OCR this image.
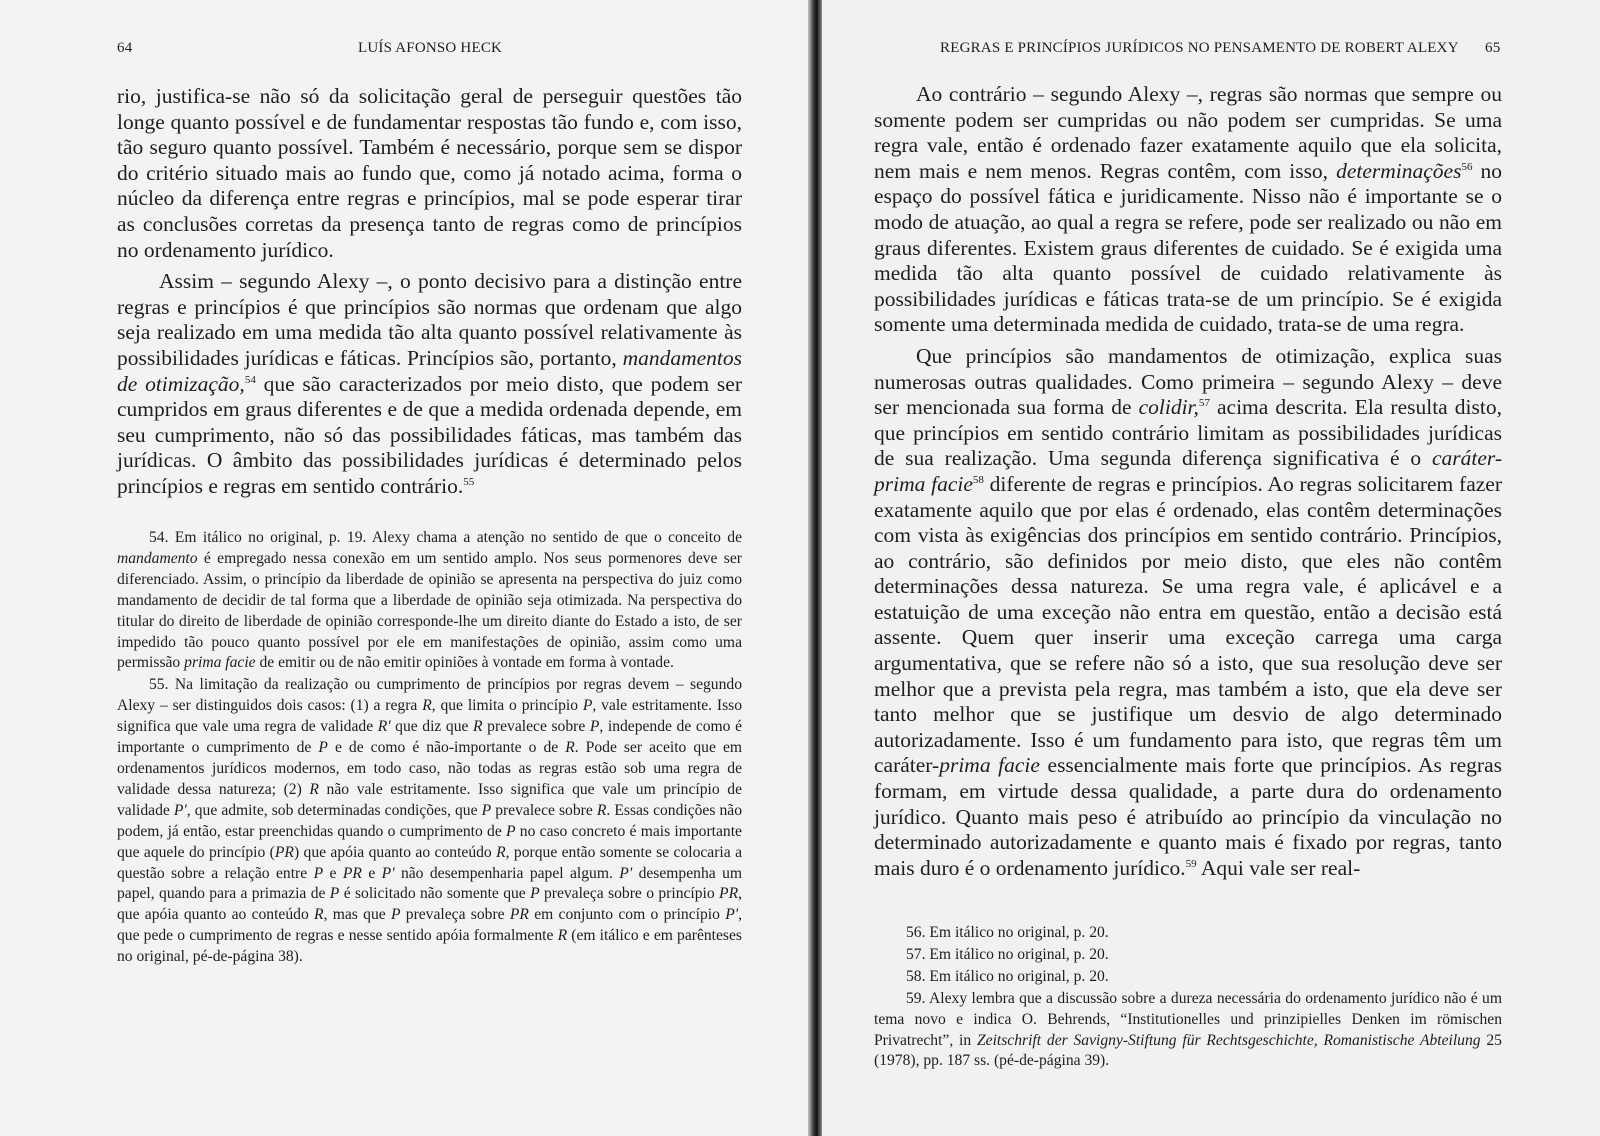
64	LUÍS AFONSO HECK

rio, justifica-se não só da solicitação geral de perseguir questões tão longe quanto possível e de fundamentar respostas tão fundo e, com isso, tão seguro quanto possível. Também é necessário, porque sem se dispor do critério situado mais ao fundo que, como já notado acima, forma o núcleo da diferença entre regras e princípios, mal se pode esperar tirar as conclusões corretas da presença tanto de regras como de princípios no ordenamento jurídico.

Assim – segundo Alexy –, o ponto decisivo para a distinção entre regras e princípios é que princípios são normas que ordenam que algo seja realizado em uma medida tão alta quanto possível relativamente às possibilidades jurídicas e fáticas. Princípios são, portanto, mandamentos de otimização,$^{54}$ que são caracterizados por meio disto, que podem ser cumpridos em graus diferentes e de que a medida ordenada depende, em seu cumprimento, não só das possibilidades fáticas, mas também das jurídicas. O âmbito das possibilidades jurídicas é determinado pelos princípios e regras em sentido contrário.$^{55}$

54. Em itálico no original, p. 19. Alexy chama a atenção no sentido de que o conceito de mandamento é empregado nessa conexão em um sentido amplo. Nos seus pormenores deve ser diferenciado. Assim, o princípio da liberdade de opinião se apresenta na perspectiva do juiz como mandamento de decidir de tal forma que a liberdade de opinião seja otimizada. Na perspectiva do titular do direito de liberdade de opinião corresponde-lhe um direito diante do Estado a isto, de ser impedido tão pouco quanto possível por ele em manifestações de opinião, assim como uma permissão prima facie de emitir ou de não emitir opiniões à vontade em forma à vontade.

55. Na limitação da realização ou cumprimento de princípios por regras devem – segundo Alexy – ser distinguidos dois casos: (1) a regra R, que limita o princípio P, vale estritamente. Isso significa que vale uma regra de validade R' que diz que R prevalece sobre P, independe de como é importante o cumprimento de P e de como é não-importante o de R. Pode ser aceito que em ordenamentos jurídicos modernos, em todo caso, não todas as regras estão sob uma regra de validade dessa natureza; (2) R não vale estritamente. Isso significa que vale um princípio de validade P', que admite, sob determinadas condições, que P prevalece sobre R. Essas condições não podem, já então, estar preenchidas quando o cumprimento de P no caso concreto é mais importante que aquele do princípio (PR) que apóia quanto ao conteúdo R, porque então somente se colocaria a questão sobre a relação entre P e PR e P' não desempenharia papel algum. P' desempenha um papel, quando para a primazia de P é solicitado não somente que P prevaleça sobre o princípio PR, que apóia quanto ao conteúdo R, mas que P prevaleça sobre PR em conjunto com o princípio P', que pede o cumprimento de regras e nesse sentido apóia formalmente R (em itálico e em parênteses no original, pé-de-página 38).

REGRAS E PRINCÍPIOS JURÍDICOS NO PENSAMENTO DE ROBERT ALEXY 65

Ao contrário – segundo Alexy –, regras são normas que sempre ou somente podem ser cumpridas ou não podem ser cumpridas. Se uma regra vale, então é ordenado fazer exatamente aquilo que ela solicita, nem mais e nem menos. Regras contêm, com isso, determinações$^{56}$ no espaço do possível fática e juridicamente. Nisso não é importante se o modo de atuação, ao qual a regra se refere, pode ser realizado ou não em graus diferentes. Existem graus diferentes de cuidado. Se é exigida uma medida tão alta quanto possível de cuidado relativamente às possibilidades jurídicas e fáticas trata-se de um princípio. Se é exigida somente uma determinada medida de cuidado, trata-se de uma regra.

Que princípios são mandamentos de otimização, explica suas numerosas outras qualidades. Como primeira – segundo Alexy – deve ser mencionada sua forma de colidir,$^{57}$ acima descrita. Ela resulta disto, que princípios em sentido contrário limitam as possibilidades jurídicas de sua realização. Uma segunda diferença significativa é o caráter-prima facie$^{58}$ diferente de regras e princípios. Ao regras solicitarem fazer exatamente aquilo que por elas é ordenado, elas contêm determinações com vista às exigências dos princípios em sentido contrário. Princípios, ao contrário, são definidos por meio disto, que eles não contêm determinações dessa natureza. Se uma regra vale, é aplicável e a estatuição de uma exceção não entra em questão, então a decisão está assente. Quem quer inserir uma exceção carrega uma carga argumentativa, que se refere não só a isto, que sua resolução deve ser melhor que a prevista pela regra, mas também a isto, que ela deve ser tanto melhor que se justifique um desvio de algo determinado autorizadamente. Isso é um fundamento para isto, que regras têm um caráter-prima facie essencialmente mais forte que princípios. As regras formam, em virtude dessa qualidade, a parte dura do ordenamento jurídico. Quanto mais peso é atribuído ao princípio da vinculação no determinado autorizadamente e quanto mais é fixado por regras, tanto mais duro é o ordenamento jurídico.$^{59}$ Aqui vale ser real-

56. Em itálico no original, p. 20.

57. Em itálico no original, p. 20.

58. Em itálico no original, p. 20.

59. Alexy lembra que a discussão sobre a dureza necessária do ordenamento jurídico não é um tema novo e indica O. Behrends, “Institutionelles und prinzipielles Denken im römischen Privatrecht”, in Zeitschrift der Savigny-Stiftung für Rechtsgeschichte, Romanistische Abteilung 25 (1978), pp. 187 ss. (pé-de-página 39).
